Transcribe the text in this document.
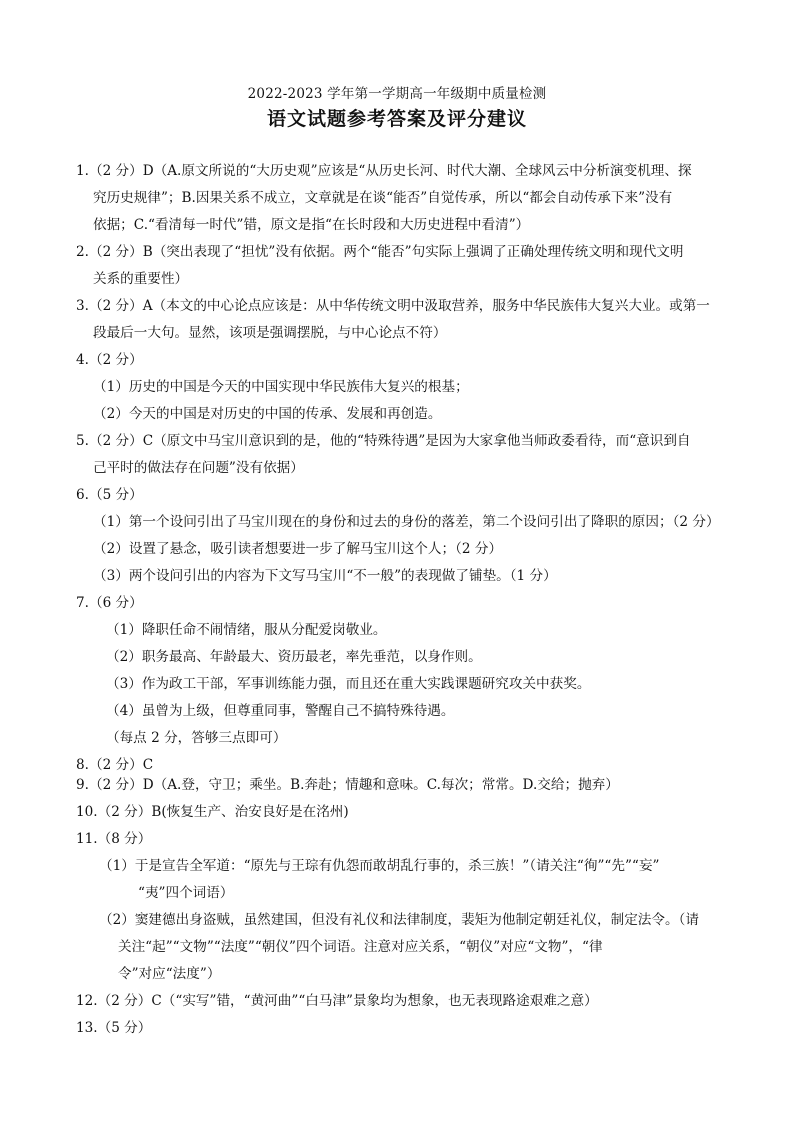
2022-2023 学年第一学期高一年级期中质量检测
语文试题参考答案及评分建议
1.（2 分）D（A.原文所说的“大历史观”应该是“从历史长河、时代大潮、全球风云中分析演变机理、探
究历史规律”；B.因果关系不成立，文章就是在谈“能否”自觉传承，所以“都会自动传承下来”没有
依据；C.“看清每一时代”错，原文是指“在长时段和大历史进程中看清”）
2.（2 分）B（突出表现了“担忧”没有依据。两个“能否”句实际上强调了正确处理传统文明和现代文明
关系的重要性）
3.（2 分）A（本文的中心论点应该是：从中华传统文明中汲取营养，服务中华民族伟大复兴大业。或第一
段最后一大句。显然，该项是强调摆脱，与中心论点不符）
4.（2 分）
（1）历史的中国是今天的中国实现中华民族伟大复兴的根基；
（2）今天的中国是对历史的中国的传承、发展和再创造。
5.（2 分）C（原文中马宝川意识到的是，他的“特殊待遇”是因为大家拿他当师政委看待，而“意识到自
己平时的做法存在问题”没有依据）
6.（5 分）
（1）第一个设问引出了马宝川现在的身份和过去的身份的落差，第二个设问引出了降职的原因；（2 分）
（2）设置了悬念，吸引读者想要进一步了解马宝川这个人；（2 分）
（3）两个设问引出的内容为下文写马宝川“不一般”的表现做了铺垫。（1 分）
7.（6 分）
（1）降职任命不闹情绪，服从分配爱岗敬业。
（2）职务最高、年龄最大、资历最老，率先垂范，以身作则。
（3）作为政工干部，军事训练能力强，而且还在重大实践课题研究攻关中获奖。
（4）虽曾为上级，但尊重同事，警醒自己不搞特殊待遇。
（每点 2 分，答够三点即可）
8.（2 分）C
9.（2 分）D（A.登，守卫；乘坐。B.奔赴；情趣和意味。C.每次；常常。D.交给；抛弃）
10.（2 分）B(恢复生产、治安良好是在洺州)
11.（8 分）
（1）于是宣告全军道：“原先与王琮有仇怨而敢胡乱行事的，杀三族！”（请关注“徇”“先”“妄”
“夷”四个词语）
（2）窦建德出身盗贼，虽然建国，但没有礼仪和法律制度，裴矩为他制定朝廷礼仪，制定法令。（请
关注“起”“文物”“法度”“朝仪”四个词语。注意对应关系，“朝仪”对应“文物”，“律
令”对应“法度”）
12.（2 分）C（“实写”错，“黄河曲”“白马津”景象均为想象，也无表现路途艰难之意）
13.（5 分）
